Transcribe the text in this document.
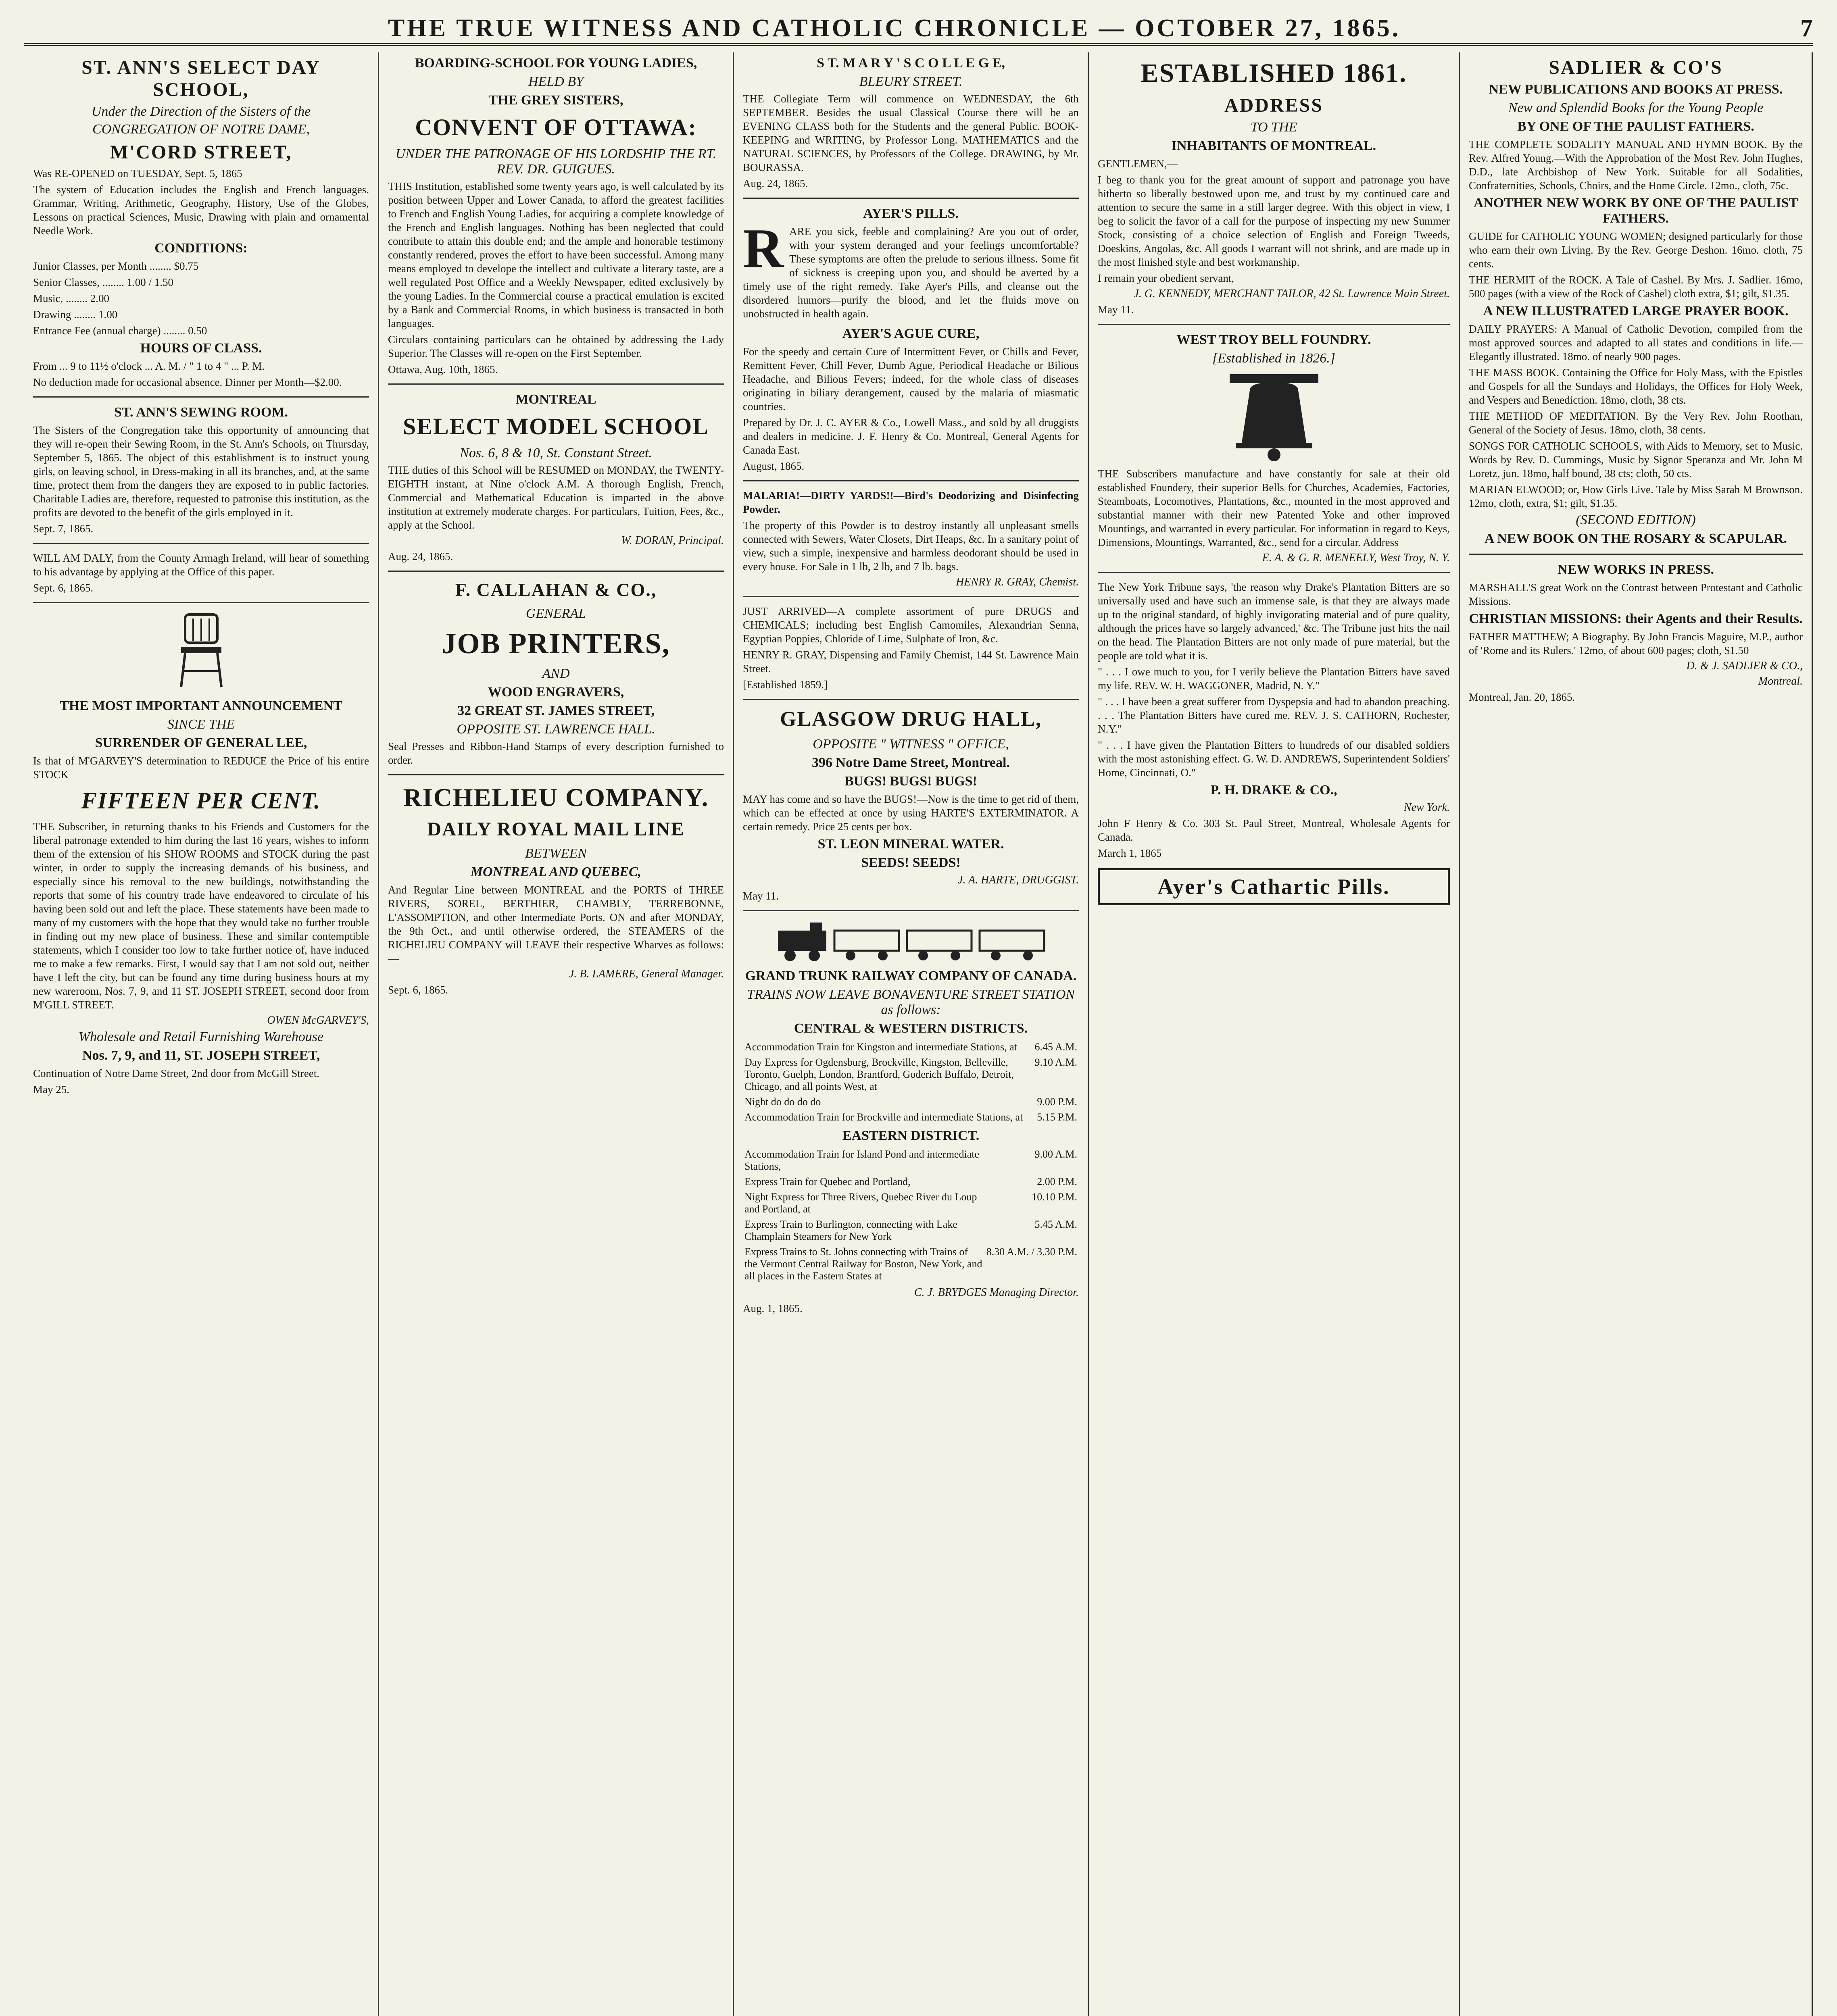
THE TRUE WITNESS AND CATHOLIC CHRONICLE — OCTOBER 27, 1865.	7
ST. ANN'S SELECT DAY SCHOOL,
Under the Direction of the Sisters of the
CONGREGATION OF NOTRE DAME,
M'CORD STREET,

Was RE-OPENED on TUESDAY, Sept. 5, 1865

The system of Education includes the English and French languages. Grammar, Writing, Arithmetic, Geography, History, Use of the Globes, Lessons on practical Sciences, Music, Drawing with plain and ornamental Needle Work.

CONDITIONS:

Junior Classes, per Month ........ $0.75

Senior Classes, ........ 1.00 / 1.50

Music, ........ 2.00

Drawing ........ 1.00

Entrance Fee (annual charge) ........ 0.50

HOURS OF CLASS.

From ... 9 to 11½ o'clock ... A. M. / " 1 to 4 " ... P. M.

No deduction made for occasional absence. Dinner per Month—$2.00.

ST. ANN'S SEWING ROOM.

The Sisters of the Congregation take this opportunity of announcing that they will re-open their Sewing Room, in the St. Ann's Schools, on Thursday, September 5, 1865. The object of this establishment is to instruct young girls, on leaving school, in Dress-making in all its branches, and, at the same time, protect them from the dangers they are exposed to in public factories. Charitable Ladies are, therefore, requested to patronise this institution, as the profits are devoted to the benefit of the girls employed in it.

Sept. 7, 1865.

WILL AM DALY, from the County Armagh Ireland, will hear of something to his advantage by applying at the Office of this paper.

Sept. 6, 1865.

THE MOST IMPORTANT ANNOUNCEMENT
SINCE THE
SURRENDER OF GENERAL LEE,

Is that of M'GARVEY'S determination to REDUCE the Price of his entire STOCK

FIFTEEN PER CENT.

THE Subscriber, in returning thanks to his Friends and Customers for the liberal patronage extended to him during the last 16 years, wishes to inform them of the extension of his SHOW ROOMS and STOCK during the past winter, in order to supply the increasing demands of his business, and especially since his removal to the new buildings, notwithstanding the reports that some of his country trade have endeavored to circulate of his having been sold out and left the place. These statements have been made to many of my customers with the hope that they would take no further trouble in finding out my new place of business. These and similar contemptible statements, which I consider too low to take further notice of, have induced me to make a few remarks. First, I would say that I am not sold out, neither have I left the city, but can be found any time during business hours at my new wareroom, Nos. 7, 9, and 11 ST. JOSEPH STREET, second door from M'GILL STREET.

OWEN McGARVEY'S,
Wholesale and Retail Furnishing Warehouse
Nos. 7, 9, and 11, ST. JOSEPH STREET,

Continuation of Notre Dame Street, 2nd door from McGill Street.

May 25.

BOARDING-SCHOOL FOR YOUNG LADIES,
HELD BY
THE GREY SISTERS,
CONVENT OF OTTAWA:
UNDER THE PATRONAGE OF HIS LORDSHIP THE RT. REV. DR. GUIGUES.

THIS Institution, established some twenty years ago, is well calculated by its position between Upper and Lower Canada, to afford the greatest facilities to French and English Young Ladies, for acquiring a complete knowledge of the French and English languages. Nothing has been neglected that could contribute to attain this double end; and the ample and honorable testimony constantly rendered, proves the effort to have been successful. Among many means employed to develope the intellect and cultivate a literary taste, are a well regulated Post Office and a Weekly Newspaper, edited exclusively by the young Ladies. In the Commercial course a practical emulation is excited by a Bank and Commercial Rooms, in which business is transacted in both languages.

Circulars containing particulars can be obtained by addressing the Lady Superior. The Classes will re-open on the First September.

Ottawa, Aug. 10th, 1865.

MONTREAL
SELECT MODEL SCHOOL
Nos. 6, 8 & 10, St. Constant Street.

THE duties of this School will be RESUMED on MONDAY, the TWENTY-EIGHTH instant, at Nine o'clock A.M. A thorough English, French, Commercial and Mathematical Education is imparted in the above institution at extremely moderate charges. For particulars, Tuition, Fees, &c., apply at the School.

W. DORAN, Principal.

Aug. 24, 1865.

F. CALLAHAN & CO.,
GENERAL
JOB PRINTERS,
AND
WOOD ENGRAVERS,
32 GREAT ST. JAMES STREET,
OPPOSITE ST. LAWRENCE HALL.

Seal Presses and Ribbon-Hand Stamps of every description furnished to order.

RICHELIEU COMPANY.
DAILY ROYAL MAIL LINE
BETWEEN
MONTREAL AND QUEBEC,

And Regular Line between MONTREAL and the PORTS of THREE RIVERS, SOREL, BERTHIER, CHAMBLY, TERREBONNE, L'ASSOMPTION, and other Intermediate Ports. ON and after MONDAY, the 9th Oct., and until otherwise ordered, the STEAMERS of the RICHELIEU COMPANY will LEAVE their respective Wharves as follows:—

J. B. LAMERE, General Manager.

Sept. 6, 1865.

S T. M A R Y ' S C O L L E G E,
BLEURY STREET.

THE Collegiate Term will commence on WEDNESDAY, the 6th SEPTEMBER. Besides the usual Classical Course there will be an EVENING CLASS both for the Students and the general Public. BOOK-KEEPING and WRITING, by Professor Long. MATHEMATICS and the NATURAL SCIENCES, by Professors of the College. DRAWING, by Mr. BOURASSA.

Aug. 24, 1865.

AYER'S PILLS.

RARE you sick, feeble and complaining? Are you out of order, with your system deranged and your feelings uncomfortable? These symptoms are often the prelude to serious illness. Some fit of sickness is creeping upon you, and should be averted by a timely use of the right remedy. Take Ayer's Pills, and cleanse out the disordered humors—purify the blood, and let the fluids move on unobstructed in health again.

AYER'S AGUE CURE,

For the speedy and certain Cure of Intermittent Fever, or Chills and Fever, Remittent Fever, Chill Fever, Dumb Ague, Periodical Headache or Bilious Headache, and Bilious Fevers; indeed, for the whole class of diseases originating in biliary derangement, caused by the malaria of miasmatic countries.

Prepared by Dr. J. C. AYER & Co., Lowell Mass., and sold by all druggists and dealers in medicine. J. F. Henry & Co. Montreal, General Agents for Canada East.

August, 1865.

MALARIA!—DIRTY YARDS!!—Bird's Deodorizing and Disinfecting Powder.

The property of this Powder is to destroy instantly all unpleasant smells connected with Sewers, Water Closets, Dirt Heaps, &c. In a sanitary point of view, such a simple, inexpensive and harmless deodorant should be used in every house. For Sale in 1 lb, 2 lb, and 7 lb. bags.

HENRY R. GRAY, Chemist.

JUST ARRIVED—A complete assortment of pure DRUGS and CHEMICALS; including best English Camomiles, Alexandrian Senna, Egyptian Poppies, Chloride of Lime, Sulphate of Iron, &c.

HENRY R. GRAY, Dispensing and Family Chemist, 144 St. Lawrence Main Street.

[Established 1859.]

GLASGOW DRUG HALL,
OPPOSITE " WITNESS " OFFICE,
396 Notre Dame Street, Montreal.
BUGS! BUGS! BUGS!

MAY has come and so have the BUGS!—Now is the time to get rid of them, which can be effected at once by using HARTE'S EXTERMINATOR. A certain remedy. Price 25 cents per box.

ST. LEON MINERAL WATER.
SEEDS! SEEDS!
J. A. HARTE, DRUGGIST.

May 11.

GRAND TRUNK RAILWAY COMPANY OF CANADA.
TRAINS NOW LEAVE BONAVENTURE STREET STATION as follows:
CENTRAL & WESTERN DISTRICTS.
Accommodation Train for Kingston and intermediate Stations, at	6.45 A.M.
Day Express for Ogdensburg, Brockville, Kingston, Belleville, Toronto, Guelph, London, Brantford, Goderich Buffalo, Detroit, Chicago, and all points West, at	9.10 A.M.
Night do do do do	9.00 P.M.
Accommodation Train for Brockville and intermediate Stations, at	5.15 P.M.
EASTERN DISTRICT.
Accommodation Train for Island Pond and intermediate Stations,	9.00 A.M.
Express Train for Quebec and Portland,	2.00 P.M.
Night Express for Three Rivers, Quebec River du Loup and Portland, at	10.10 P.M.
Express Train to Burlington, connecting with Lake Champlain Steamers for New York	5.45 A.M.
Express Trains to St. Johns connecting with Trains of the Vermont Central Railway for Boston, New York, and all places in the Eastern States at	8.30 A.M. / 3.30 P.M.
C. J. BRYDGES Managing Director.

Aug. 1, 1865.

ESTABLISHED 1861.
ADDRESS
TO THE
INHABITANTS OF MONTREAL.

GENTLEMEN,—

I beg to thank you for the great amount of support and patronage you have hitherto so liberally bestowed upon me, and trust by my continued care and attention to secure the same in a still larger degree. With this object in view, I beg to solicit the favor of a call for the purpose of inspecting my new Summer Stock, consisting of a choice selection of English and Foreign Tweeds, Doeskins, Angolas, &c. All goods I warrant will not shrink, and are made up in the most finished style and best workmanship.

I remain your obedient servant,

J. G. KENNEDY, MERCHANT TAILOR, 42 St. Lawrence Main Street.

May 11.

WEST TROY BELL FOUNDRY.
[Established in 1826.]

THE Subscribers manufacture and have constantly for sale at their old established Foundery, their superior Bells for Churches, Academies, Factories, Steamboats, Locomotives, Plantations, &c., mounted in the most approved and substantial manner with their new Patented Yoke and other improved Mountings, and warranted in every particular. For information in regard to Keys, Dimensions, Mountings, Warranted, &c., send for a circular. Address

E. A. & G. R. MENEELY, West Troy, N. Y.

The New York Tribune says, 'the reason why Drake's Plantation Bitters are so universally used and have such an immense sale, is that they are always made up to the original standard, of highly invigorating material and of pure quality, although the prices have so largely advanced,' &c. The Tribune just hits the nail on the head. The Plantation Bitters are not only made of pure material, but the people are told what it is.

" . . . I owe much to you, for I verily believe the Plantation Bitters have saved my life. REV. W. H. WAGGONER, Madrid, N. Y."

" . . . I have been a great sufferer from Dyspepsia and had to abandon preaching. . . . The Plantation Bitters have cured me. REV. J. S. CATHORN, Rochester, N.Y."

" . . . I have given the Plantation Bitters to hundreds of our disabled soldiers with the most astonishing effect. G. W. D. ANDREWS, Superintendent Soldiers' Home, Cincinnati, O."

P. H. DRAKE & CO.,
New York.

John F Henry & Co. 303 St. Paul Street, Montreal, Wholesale Agents for Canada.

March 1, 1865

Ayer's Cathartic Pills.
SADLIER & CO'S
NEW PUBLICATIONS AND BOOKS AT PRESS.
New and Splendid Books for the Young People
BY ONE OF THE PAULIST FATHERS.

THE COMPLETE SODALITY MANUAL AND HYMN BOOK. By the Rev. Alfred Young.—With the Approbation of the Most Rev. John Hughes, D.D., late Archbishop of New York. Suitable for all Sodalities, Confraternities, Schools, Choirs, and the Home Circle. 12mo., cloth, 75c.

ANOTHER NEW WORK BY ONE OF THE PAULIST FATHERS.

GUIDE for CATHOLIC YOUNG WOMEN; designed particularly for those who earn their own Living. By the Rev. George Deshon. 16mo. cloth, 75 cents.

THE HERMIT of the ROCK. A Tale of Cashel. By Mrs. J. Sadlier. 16mo, 500 pages (with a view of the Rock of Cashel) cloth extra, $1; gilt, $1.35.

A NEW ILLUSTRATED LARGE PRAYER BOOK.

DAILY PRAYERS: A Manual of Catholic Devotion, compiled from the most approved sources and adapted to all states and conditions in life.—Elegantly illustrated. 18mo. of nearly 900 pages.

THE MASS BOOK. Containing the Office for Holy Mass, with the Epistles and Gospels for all the Sundays and Holidays, the Offices for Holy Week, and Vespers and Benediction. 18mo, cloth, 38 cts.

THE METHOD OF MEDITATION. By the Very Rev. John Roothan, General of the Society of Jesus. 18mo, cloth, 38 cents.

SONGS FOR CATHOLIC SCHOOLS, with Aids to Memory, set to Music. Words by Rev. D. Cummings, Music by Signor Speranza and Mr. John M Loretz, jun. 18mo, half bound, 38 cts; cloth, 50 cts.

MARIAN ELWOOD; or, How Girls Live. Tale by Miss Sarah M Brownson. 12mo, cloth, extra, $1; gilt, $1.35.

(SECOND EDITION)
A NEW BOOK ON THE ROSARY & SCAPULAR.
NEW WORKS IN PRESS.

MARSHALL'S great Work on the Contrast between Protestant and Catholic Missions.

CHRISTIAN MISSIONS: their Agents and their Results.

FATHER MATTHEW; A Biography. By John Francis Maguire, M.P., author of 'Rome and its Rulers.' 12mo, of about 600 pages; cloth, $1.50

D. & J. SADLIER & CO.,
Montreal.

Montreal, Jan. 20, 1865.
